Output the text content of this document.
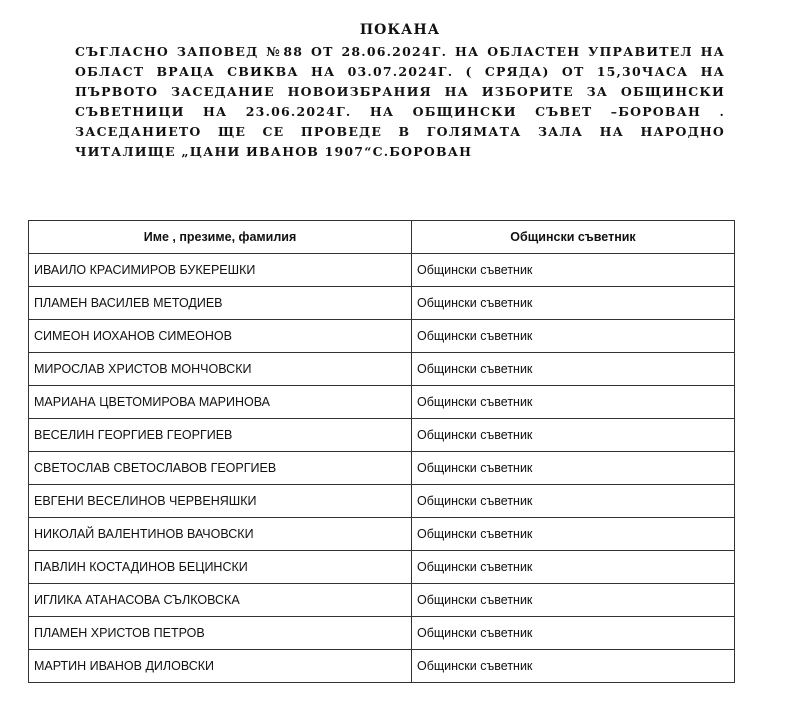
ПОКАНА
СЪГЛАСНО ЗАПОВЕД №88 ОТ 28.06.2024Г. НА ОБЛАСТЕН УПРАВИТЕЛ НА ОБЛАСТ ВРАЦА СВИКВА НА 03.07.2024Г. ( СРЯДА) ОТ 15,30ЧАСА НА ПЪРВОТО ЗАСЕДАНИЕ НОВОИЗБРАНИЯ НА ИЗБОРИТЕ ЗА ОБЩИНСКИ СЪВЕТНИЦИ НА 23.06.2024Г. НА ОБЩИНСКИ СЪВЕТ –БОРОВАН . ЗАСЕДАНИЕТО ЩЕ СЕ ПРОВЕДЕ В ГОЛЯМАТА ЗАЛА НА НАРОДНО ЧИТАЛИЩЕ „ЦАНИ ИВАНОВ 1907“С.БОРОВАН
Име , презиме, фамилия	Общински съветник
ИВАИЛО КРАСИМИРОВ БУКЕРЕШКИ	Общински съветник
ПЛАМЕН ВАСИЛЕВ МЕТОДИЕВ	Общински съветник
СИМЕОН ИОХАНОВ СИМЕОНОВ	Общински съветник
МИРОСЛАВ ХРИСТОВ МОНЧОВСКИ	Общински съветник
МАРИАНА ЦВЕТОМИРОВА МАРИНОВА	Общински съветник
ВЕСЕЛИН ГЕОРГИЕВ ГЕОРГИЕВ	Общински съветник
СВЕТОСЛАВ СВЕТОСЛАВОВ ГЕОРГИЕВ	Общински съветник
ЕВГЕНИ ВЕСЕЛИНОВ ЧЕРВЕНЯШКИ	Общински съветник
НИКОЛАЙ ВАЛЕНТИНОВ ВАЧОВСКИ	Общински съветник
ПАВЛИН КОСТАДИНОВ БЕЦИНСКИ	Общински съветник
ИГЛИКА АТАНАСОВА СЪЛКОВСКА	Общински съветник
ПЛАМЕН ХРИСТОВ ПЕТРОВ	Общински съветник
МАРТИН ИВАНОВ ДИЛОВСКИ	Общински съветник
